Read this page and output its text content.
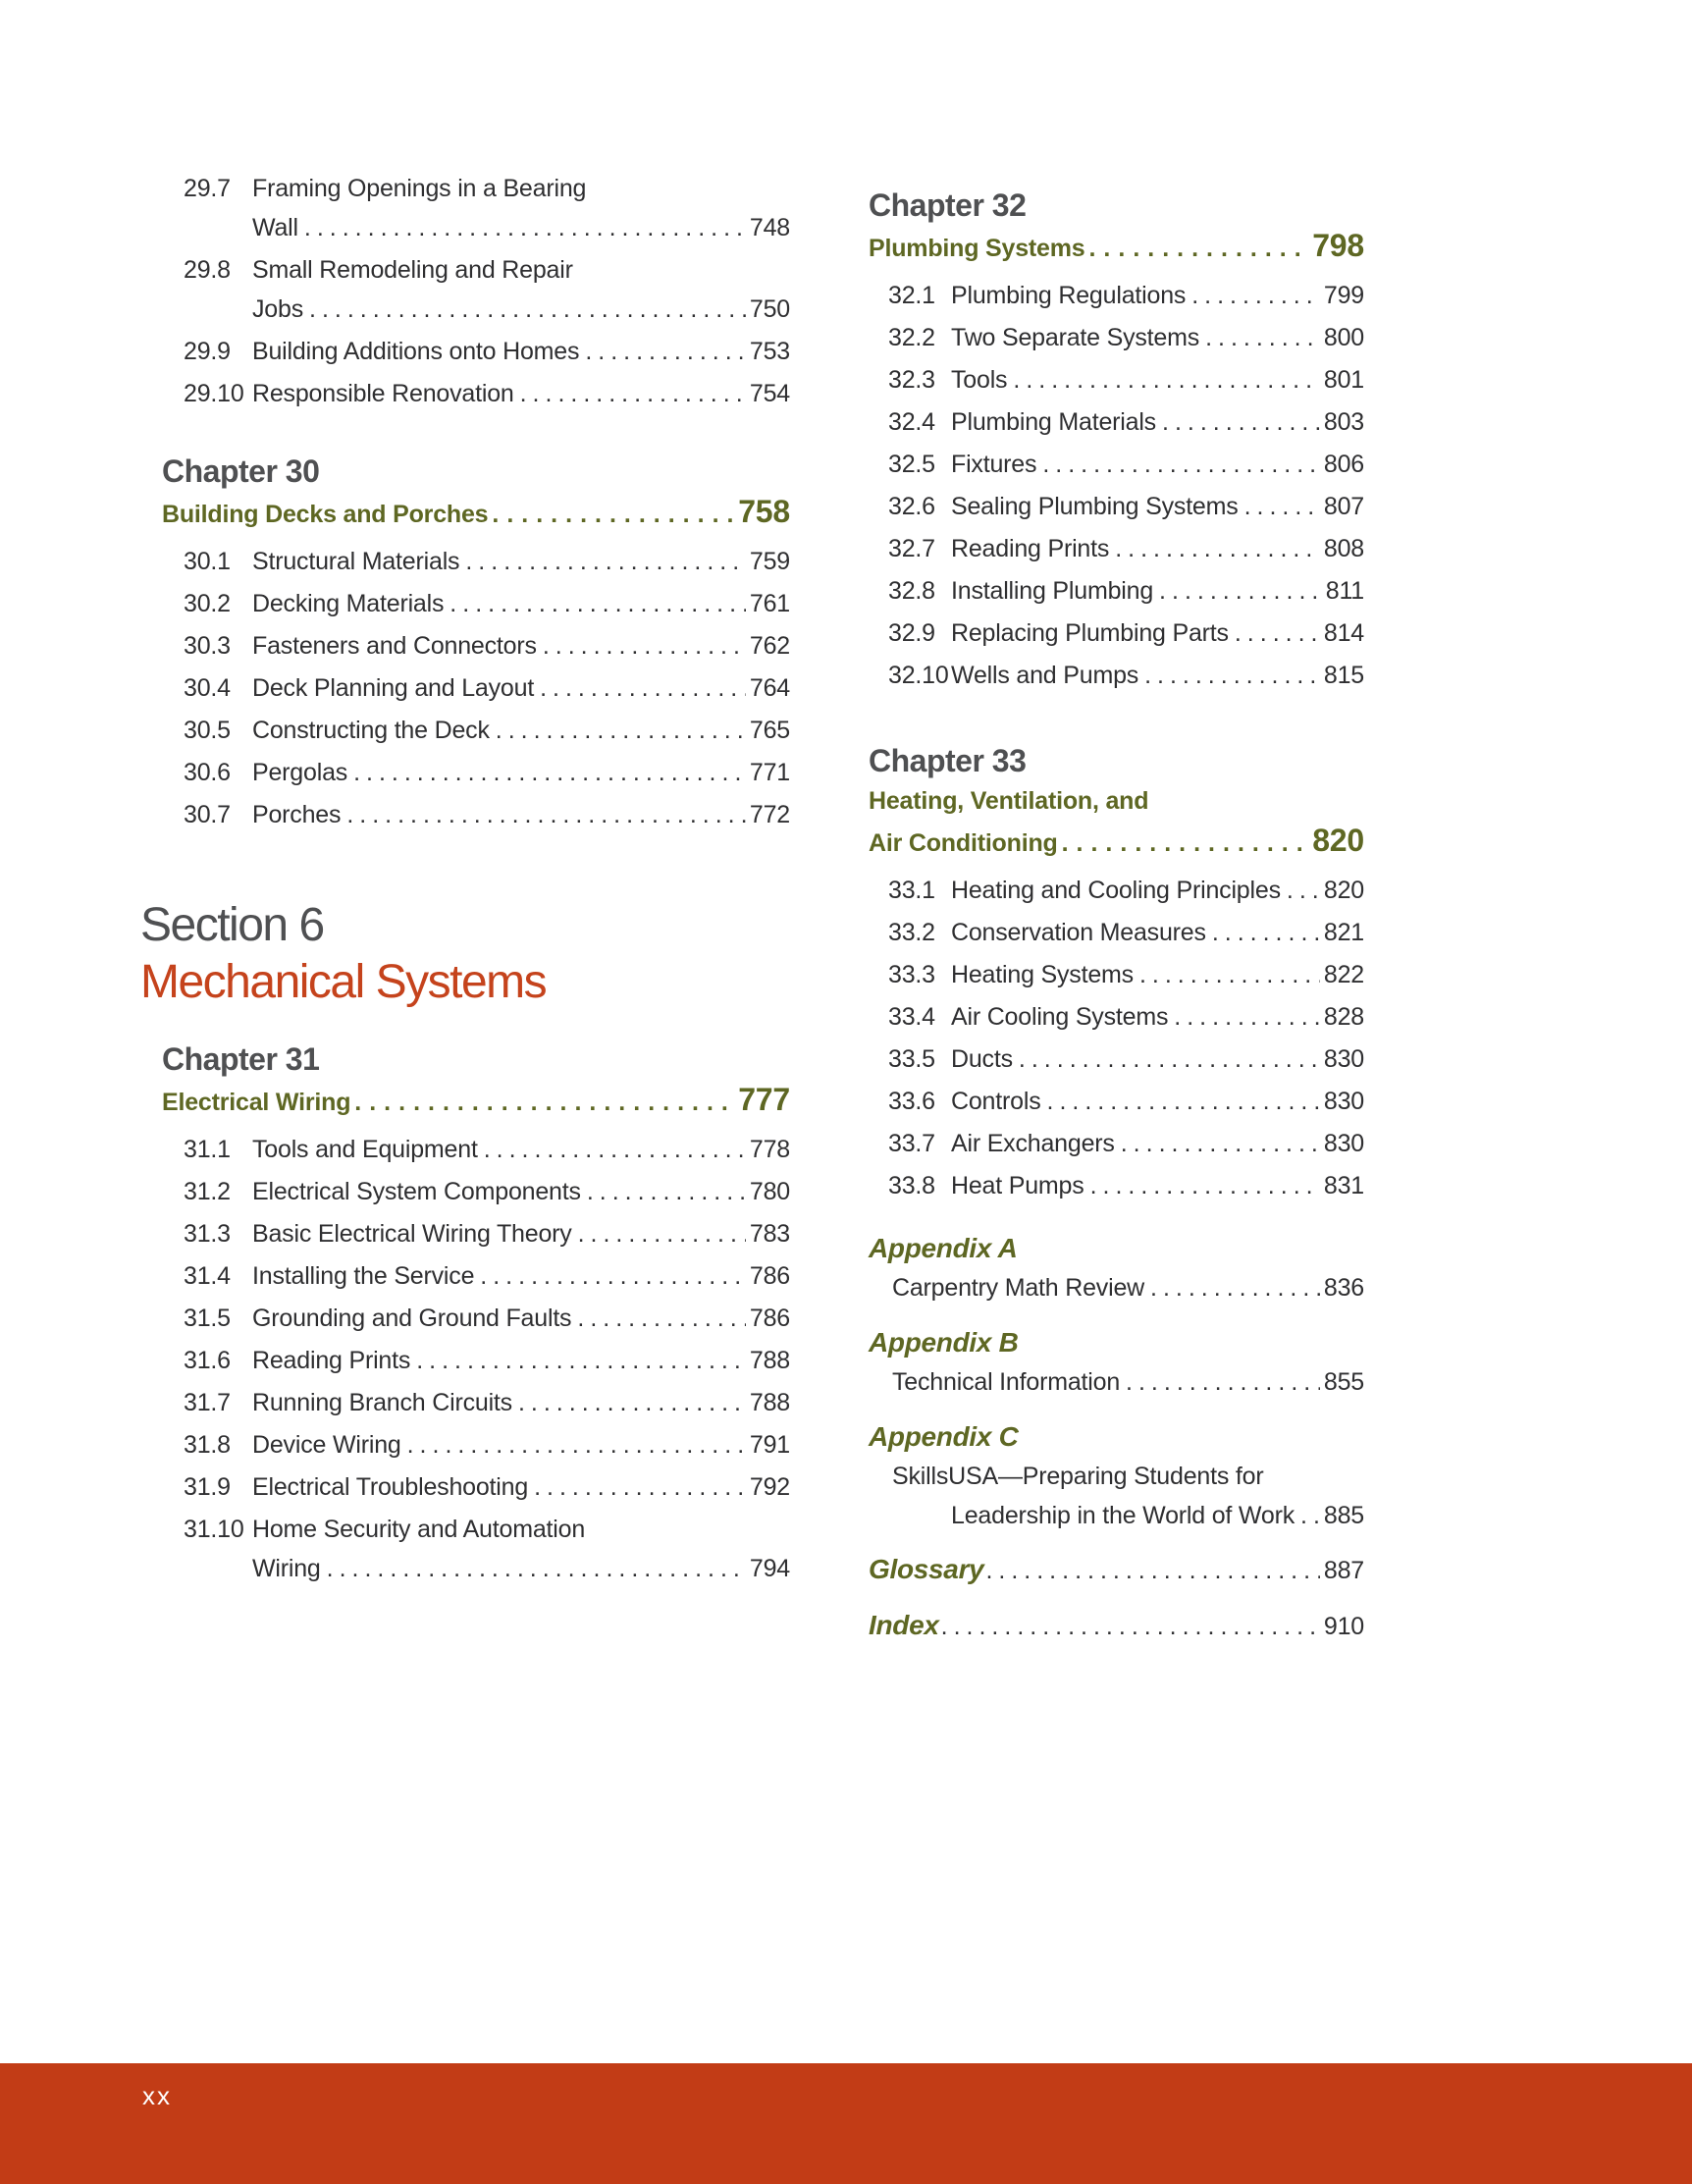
29.7 Framing Openings in a Bearing
Wall .....	748
29.8 Small Remodeling and Repair
Jobs .....	750
29.9 Building Additions onto Homes .....	753
29.10 Responsible Renovation .....	754
Chapter 30
Building Decks and Porches .....	758
30.1 Structural Materials .....	759
30.2 Decking Materials .....	761
30.3 Fasteners and Connectors .....	762
30.4 Deck Planning and Layout .....	764
30.5 Constructing the Deck .....	765
30.6 Pergolas .....	771
30.7 Porches .....	772
Section 6
Mechanical Systems
Chapter 31
Electrical Wiring .....	777
31.1 Tools and Equipment .....	778
31.2 Electrical System Components .....	780
31.3 Basic Electrical Wiring Theory .....	783
31.4 Installing the Service .....	786
31.5 Grounding and Ground Faults .....	786
31.6 Reading Prints .....	788
31.7 Running Branch Circuits .....	788
31.8 Device Wiring .....	791
31.9 Electrical Troubleshooting .....	792
31.10 Home Security and Automation
Wiring .....	794
Chapter 32
Plumbing Systems .....	798
32.1 Plumbing Regulations .....	799
32.2 Two Separate Systems .....	800
32.3 Tools .....	801
32.4 Plumbing Materials .....	803
32.5 Fixtures .....	806
32.6 Sealing Plumbing Systems .....	807
32.7 Reading Prints .....	808
32.8 Installing Plumbing .....	811
32.9 Replacing Plumbing Parts .....	814
32.10 Wells and Pumps .....	815
Chapter 33
Heating, Ventilation, and
Air Conditioning .....	820
33.1 Heating and Cooling Principles ..... 820
33.2 Conservation Measures .....	821
33.3 Heating Systems .....	822
33.4 Air Cooling Systems .....	828
33.5 Ducts .....	830
33.6 Controls .....	830
33.7 Air Exchangers .....	830
33.8 Heat Pumps .....	831
Appendix A
Carpentry Math Review .....	836
Appendix B
Technical Information .....	855
Appendix C
SkillsUSA—Preparing Students for
Leadership in the World of Work ..... 885
Glossary .....	887
Index .....	910
xx
